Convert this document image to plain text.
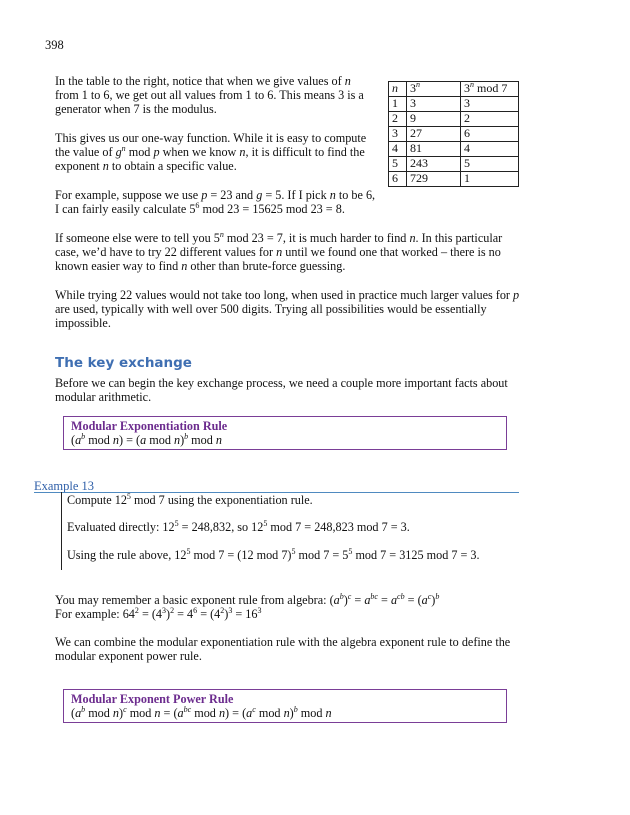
398

In the table to the right, notice that when we give values of n from 1 to 6, we get out all values from 1 to 6. This means 3 is a generator when 7 is the modulus.

This gives us our one-way function. While it is easy to compute the value of $g^n$ mod p when we know n, it is difficult to find the exponent n to obtain a specific value.

For example, suppose we use p = 23 and g = 5. If I pick n to be 6, I can fairly easily calculate $5^6$ mod 23 = 15625 mod 23 = 8.

n	3$^n$	3$^n$ mod 7
1	3	3
2	9	2
3	27	6
4	81	4
5	243	5
6	729	1

If someone else were to tell you 5$^n$ mod 23 = 7, it is much harder to find n. In this particular case, we’d have to try 22 different values for n until we found one that worked – there is no known easier way to find n other than brute-force guessing.

While trying 22 values would not take too long, when used in practice much larger values for p are used, typically with well over 500 digits. Trying all possibilities would be essentially impossible.

The key exchange

Before we can begin the key exchange process, we need a couple more important facts about modular arithmetic.

Modular Exponentiation Rule
($a^b$ mod n) = (a mod n)$^b$ mod n
Example 13

Compute $12^5$ mod 7 using the exponentiation rule.

Evaluated directly: $12^5 = 248,832$, so $12^5$ mod 7 = 248,823 mod 7 = 3.

Using the rule above, $12^5$ mod 7 = (12 mod 7)$^5$ mod $7 = 5^5$ mod 7 = 3125 mod 7 = 3.

You may remember a basic exponent rule from algebra: $(a^b)^c = a^{bc} = a^{cb} = (a^c)^b$

For example: $64^2 = (4^3)^2 = 4^6 = (4^2)^3 = 16^3$

We can combine the modular exponentiation rule with the algebra exponent rule to define the modular exponent power rule.

Modular Exponent Power Rule
($a^b$ mod n)$^c$ mod $n = (a^{bc}$ mod $n) = (a^c$ mod n)$^b$ mod n
